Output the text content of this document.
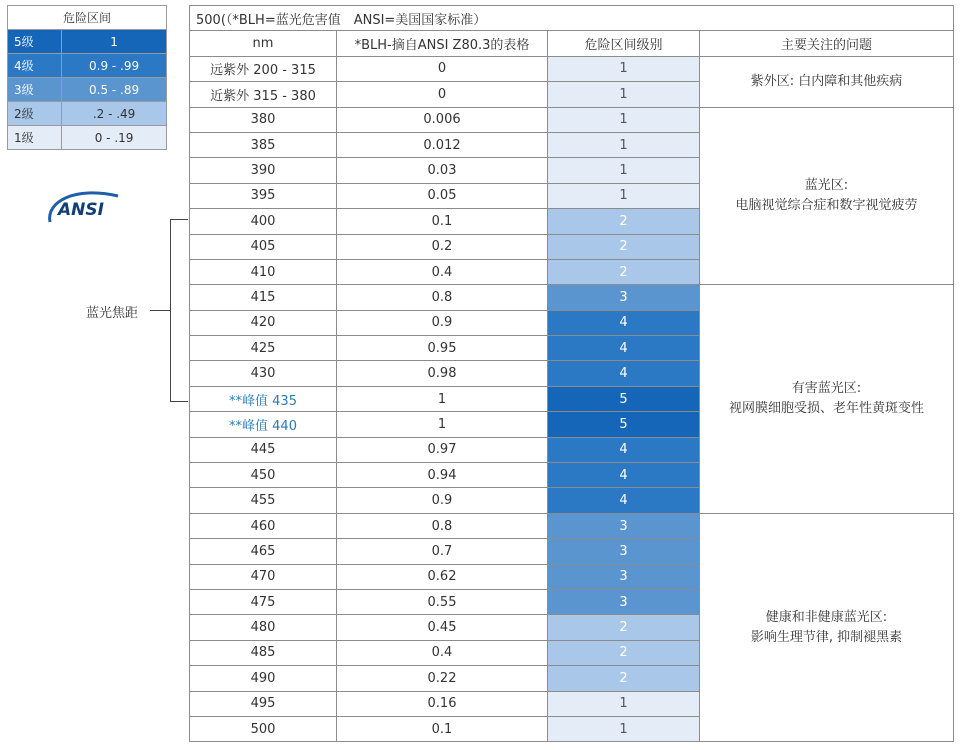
危险区间	
5级	1
4级	0.9 - .99
3级	0.5 - .89
2级	.2 - .49
1级	0 - .19
ANSI
蓝光焦距
500(（*BLH=蓝光危害值　ANSI=美国国家标准）			
nm	*BLH-摘自ANSI Z80.3的表格	危险区间级别	主要关注的问题
远紫外 200 - 315	0	1	紫外区: 白内障和其他疾病

近紫外 315 - 380	0	1	
380	0.006	1	蓝光区:
电脑视觉综合症和数字视觉疲劳

385	0.012	1	
390	0.03	1	
395	0.05	1	
400	0.1	2	
405	0.2	2	
410	0.4	2	
415	0.8	3	有害蓝光区:
视网膜细胞受损、老年性黄斑变性

420	0.9	4	
425	0.95	4	
430	0.98	4	
**峰值 435	1	5	
**峰值 440	1	5	
445	0.97	4	
450	0.94	4	
455	0.9	4	
460	0.8	3	健康和非健康蓝光区:
影响生理节律, 抑制褪黑素

465	0.7	3	
470	0.62	3	
475	0.55	3	
480	0.45	2	
485	0.4	2	
490	0.22	2	
495	0.16	1	
500	0.1	1	
